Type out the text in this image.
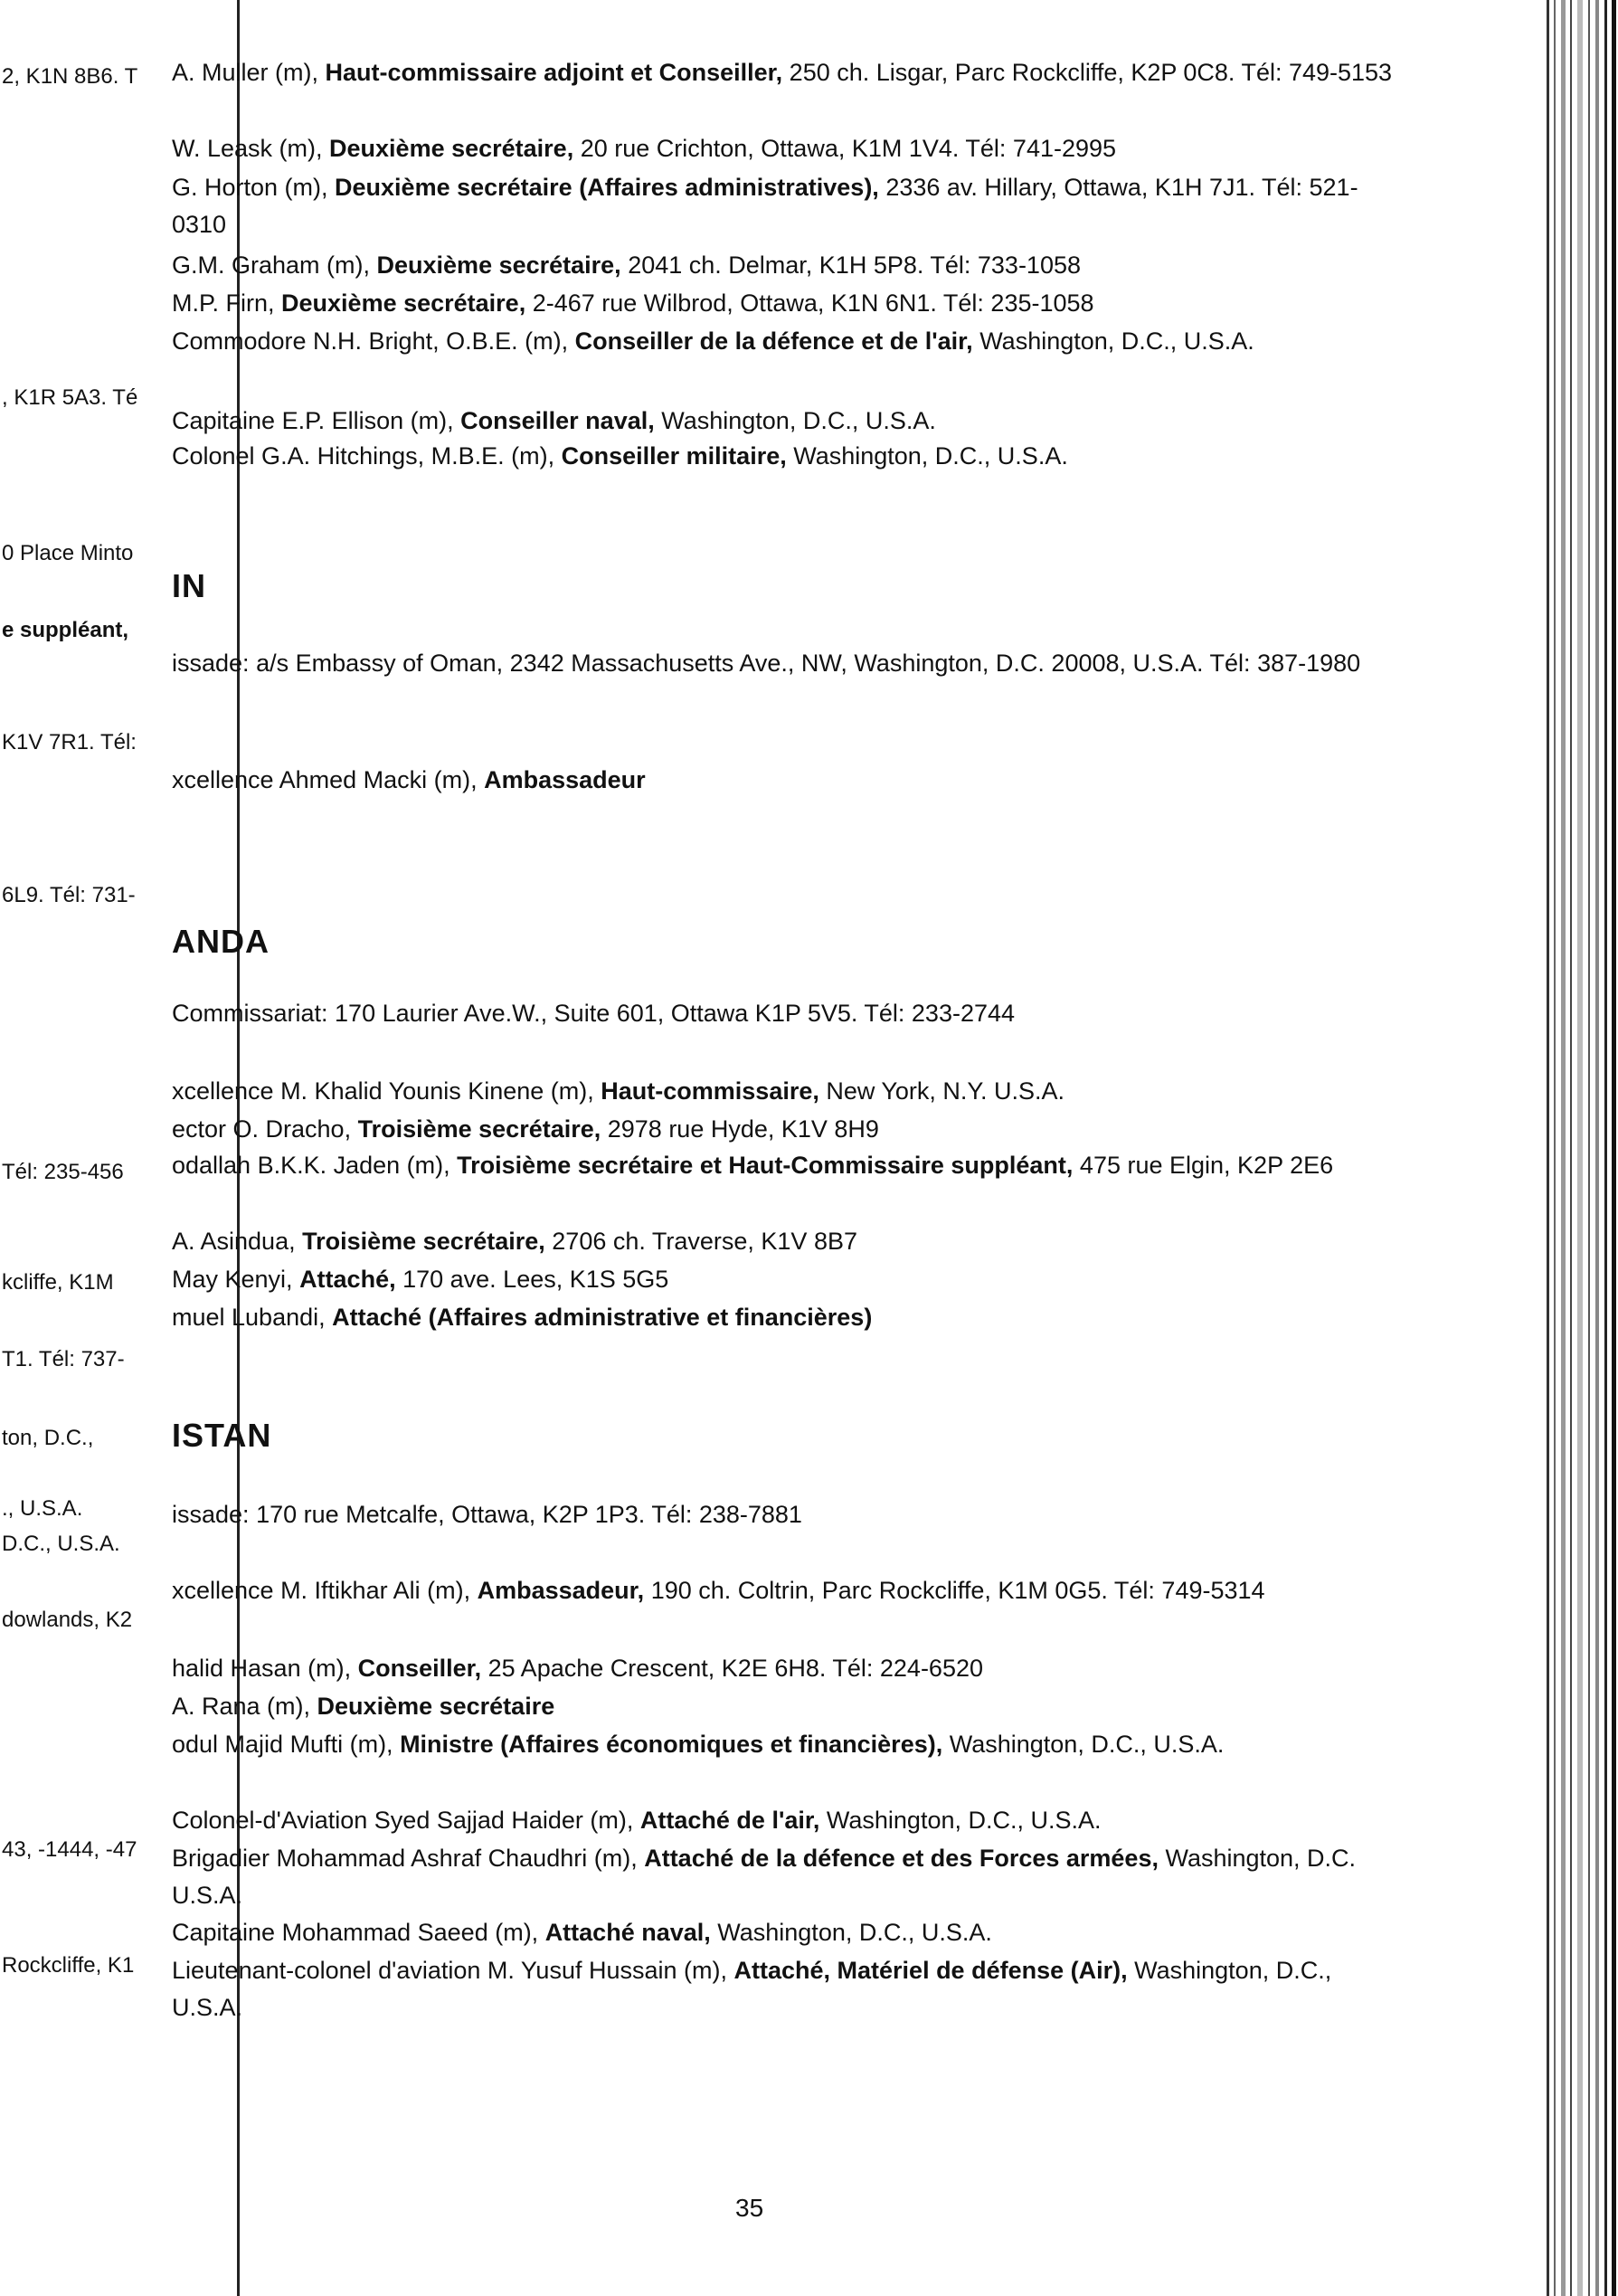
2, K1N 8B6. T
, K1R 5A3. Té
0 Place Minto
e suppléant,
K1V 7R1. Tél:
6L9. Tél: 731-
Tél: 235-456
kcliffe, K1M
T1. Tél: 737-
ton, D.C.,
., U.S.A.
D.C., U.S.A.
dowlands, K2
43, -1444, -47
Rockcliffe, K1
A. Muller (m), Haut-commissaire adjoint et Conseiller, 250 ch. Lisgar, Parc Rockcliffe, K2P 0C8. Tél: 749-5153
W. Leask (m), Deuxième secrétaire, 20 rue Crichton, Ottawa, K1M 1V4. Tél: 741-2995
G. Horton (m), Deuxième secrétaire (Affaires administratives), 2336 av. Hillary, Ottawa, K1H 7J1. Tél: 521-0310
G.M. Graham (m), Deuxième secrétaire, 2041 ch. Delmar, K1H 5P8. Tél: 733-1058
M.P. Firn, Deuxième secrétaire, 2-467 rue Wilbrod, Ottawa, K1N 6N1. Tél: 235-1058
Commodore N.H. Bright, O.B.E. (m), Conseiller de la défence et de l'air, Washington, D.C., U.S.A.
Capitaine E.P. Ellison (m), Conseiller naval, Washington, D.C., U.S.A.
Colonel G.A. Hitchings, M.B.E. (m), Conseiller militaire, Washington, D.C., U.S.A.
IN
issade: a/s Embassy of Oman, 2342 Massachusetts Ave., NW, Washington, D.C. 20008, U.S.A. Tél: 387-1980
xcellence Ahmed Macki (m), Ambassadeur
ANDA
Commissariat: 170 Laurier Ave.W., Suite 601, Ottawa K1P 5V5. Tél: 233-2744
xcellence M. Khalid Younis Kinene (m), Haut-commissaire, New York, N.Y. U.S.A.
ector O. Dracho, Troisième secrétaire, 2978 rue Hyde, K1V 8H9
odallah B.K.K. Jaden (m), Troisième secrétaire et Haut-Commissaire suppléant, 475 rue Elgin, K2P 2E6
A. Asindua, Troisième secrétaire, 2706 ch. Traverse, K1V 8B7
May Kenyi, Attaché, 170 ave. Lees, K1S 5G5
muel Lubandi, Attaché (Affaires administrative et financières)
ISTAN
issade: 170 rue Metcalfe, Ottawa, K2P 1P3. Tél: 238-7881
xcellence M. Iftikhar Ali (m), Ambassadeur, 190 ch. Coltrin, Parc Rockcliffe, K1M 0G5. Tél: 749-5314
halid Hasan (m), Conseiller, 25 Apache Crescent, K2E 6H8. Tél: 224-6520
A. Rana (m), Deuxième secrétaire
odul Majid Mufti (m), Ministre (Affaires économiques et financières), Washington, D.C., U.S.A.
Colonel-d'Aviation Syed Sajjad Haider (m), Attaché de l'air, Washington, D.C., U.S.A.
Brigadier Mohammad Ashraf Chaudhri (m), Attaché de la défence et des Forces armées, Washington, D.C. U.S.A.
Capitaine Mohammad Saeed (m), Attaché naval, Washington, D.C., U.S.A.
Lieutenant-colonel d'aviation M. Yusuf Hussain (m), Attaché, Matériel de défense (Air), Washington, D.C., U.S.A.
35
